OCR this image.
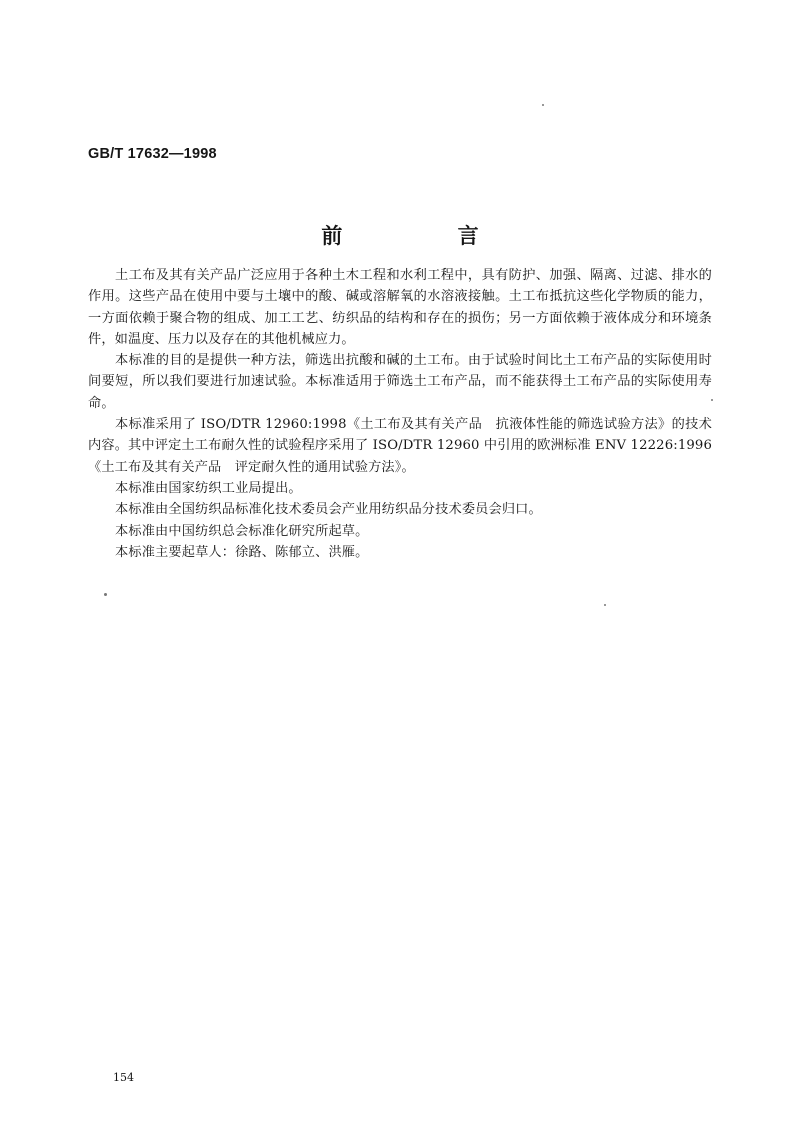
GB/T 17632—1998
前 言

土工布及其有关产品广泛应用于各种土木工程和水利工程中，具有防护、加强、隔离、过滤、排水的作用。这些产品在使用中要与土壤中的酸、碱或溶解氧的水溶液接触。土工布抵抗这些化学物质的能力，一方面依赖于聚合物的组成、加工工艺、纺织品的结构和存在的损伤；另一方面依赖于液体成分和环境条件，如温度、压力以及存在的其他机械应力。

本标准的目的是提供一种方法，筛选出抗酸和碱的土工布。由于试验时间比土工布产品的实际使用时间要短，所以我们要进行加速试验。本标准适用于筛选土工布产品，而不能获得土工布产品的实际使用寿命。

本标准采用了 ISO/DTR 12960:1998《土工布及其有关产品　抗液体性能的筛选试验方法》的技术内容。其中评定土工布耐久性的试验程序采用了 ISO/DTR 12960 中引用的欧洲标准 ENV 12226:1996《土工布及其有关产品　评定耐久性的通用试验方法》。

本标准由国家纺织工业局提出。

本标准由全国纺织品标准化技术委员会产业用纺织品分技术委员会归口。

本标准由中国纺织总会标准化研究所起草。

本标准主要起草人：徐路、陈郁立、洪雁。

154
